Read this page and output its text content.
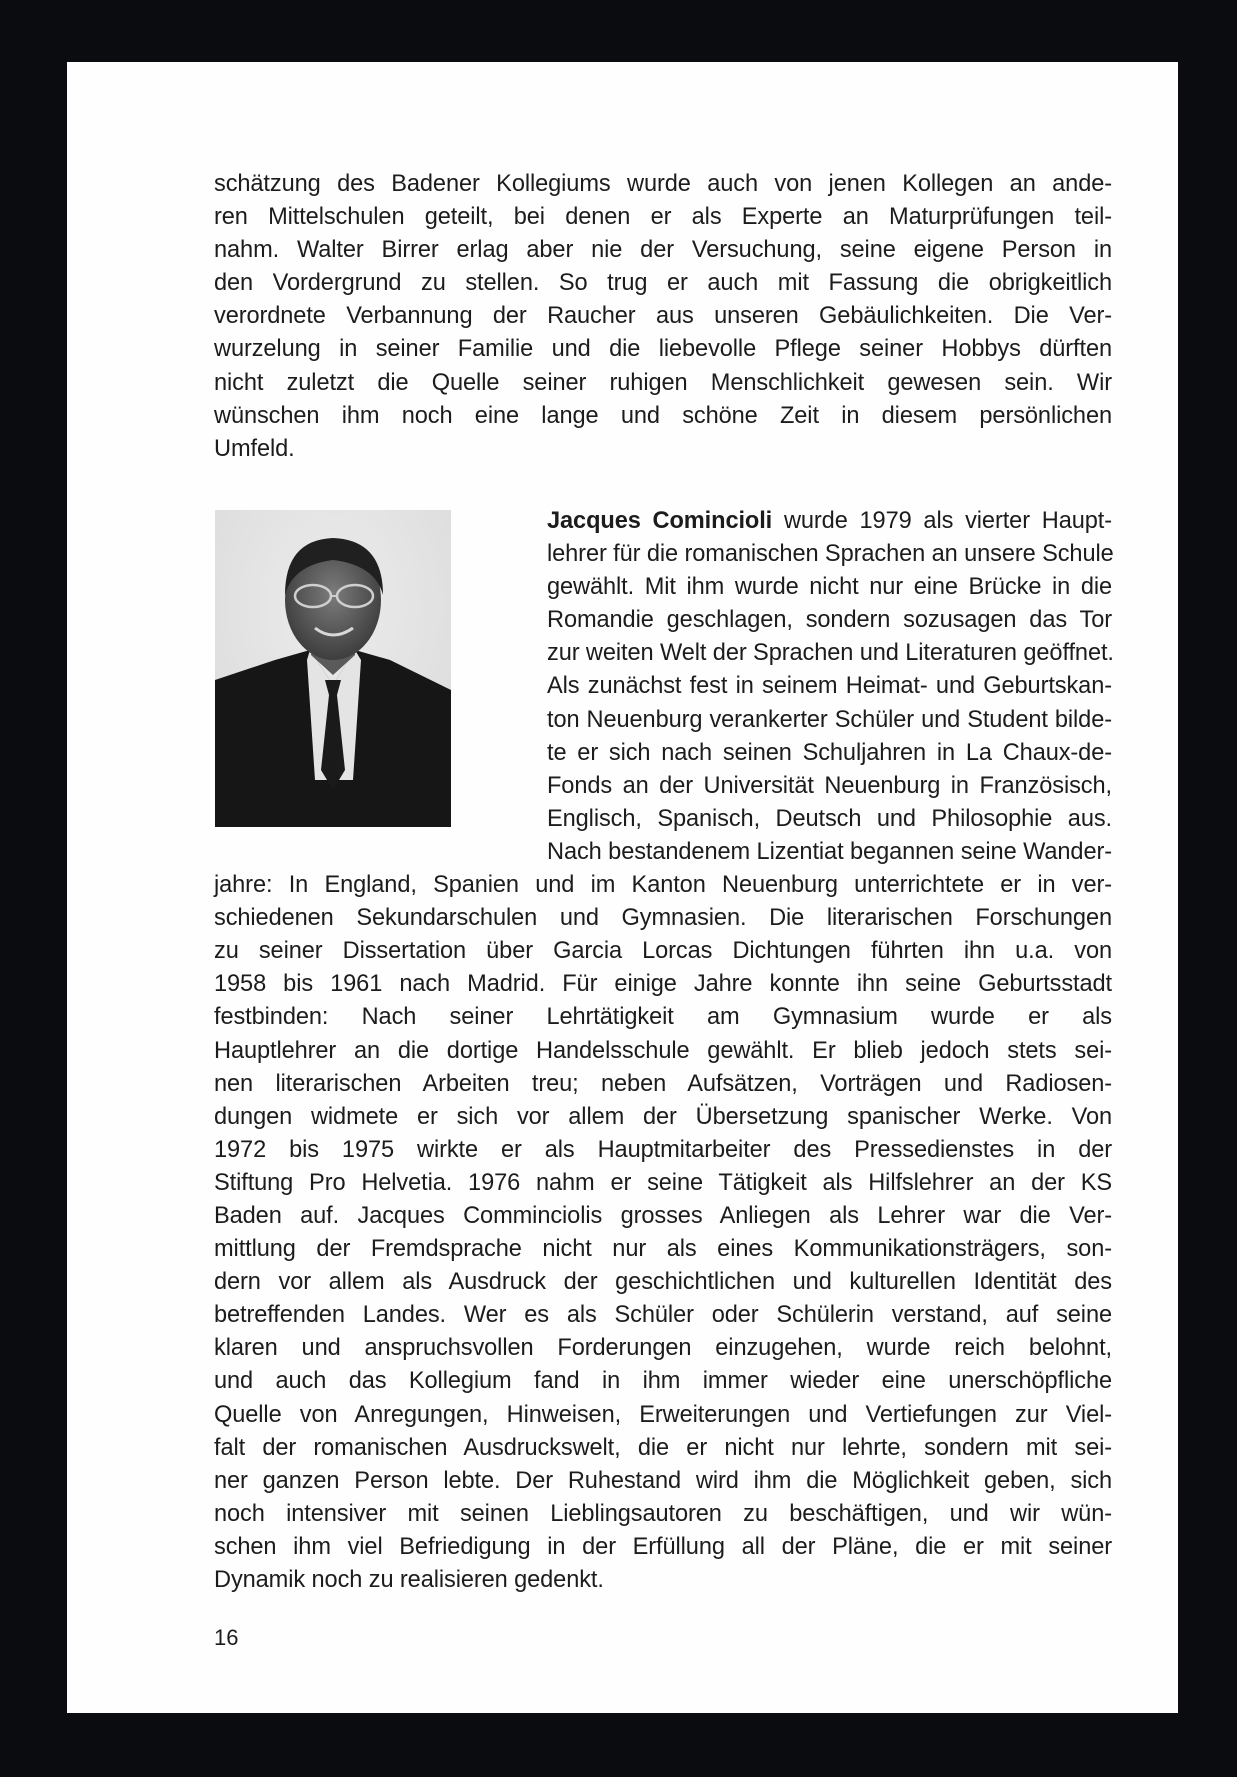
schätzung des Badener Kollegiums wurde auch von jenen Kollegen an ande-
ren Mittelschulen geteilt, bei denen er als Experte an Maturprüfungen teil-
nahm. Walter Birrer erlag aber nie der Versuchung, seine eigene Person in
den Vordergrund zu stellen. So trug er auch mit Fassung die obrigkeitlich
verordnete Verbannung der Raucher aus unseren Gebäulichkeiten. Die Ver-
wurzelung in seiner Familie und die liebevolle Pflege seiner Hobbys dürften
nicht zuletzt die Quelle seiner ruhigen Menschlichkeit gewesen sein. Wir
wünschen ihm noch eine lange und schöne Zeit in diesem persönlichen
Umfeld.
Jacques Comincioli wurde 1979 als vierter Haupt-
lehrer für die romanischen Sprachen an unsere Schule
gewählt. Mit ihm wurde nicht nur eine Brücke in die
Romandie geschlagen, sondern sozusagen das Tor
zur weiten Welt der Sprachen und Literaturen geöffnet.
Als zunächst fest in seinem Heimat- und Geburtskan-
ton Neuenburg verankerter Schüler und Student bilde-
te er sich nach seinen Schuljahren in La Chaux-de-
Fonds an der Universität Neuenburg in Französisch,
Englisch, Spanisch, Deutsch und Philosophie aus.
Nach bestandenem Lizentiat begannen seine Wander-
jahre: In England, Spanien und im Kanton Neuenburg unterrichtete er in ver-
schiedenen Sekundarschulen und Gymnasien. Die literarischen Forschungen
zu seiner Dissertation über Garcia Lorcas Dichtungen führten ihn u.a. von
1958 bis 1961 nach Madrid. Für einige Jahre konnte ihn seine Geburtsstadt
festbinden: Nach seiner Lehrtätigkeit am Gymnasium wurde er als
Hauptlehrer an die dortige Handelsschule gewählt. Er blieb jedoch stets sei-
nen literarischen Arbeiten treu; neben Aufsätzen, Vorträgen und Radiosen-
dungen widmete er sich vor allem der Übersetzung spanischer Werke. Von
1972 bis 1975 wirkte er als Hauptmitarbeiter des Pressedienstes in der
Stiftung Pro Helvetia. 1976 nahm er seine Tätigkeit als Hilfslehrer an der KS
Baden auf. Jacques Comminciolis grosses Anliegen als Lehrer war die Ver-
mittlung der Fremdsprache nicht nur als eines Kommunikationsträgers, son-
dern vor allem als Ausdruck der geschichtlichen und kulturellen Identität des
betreffenden Landes. Wer es als Schüler oder Schülerin verstand, auf seine
klaren und anspruchsvollen Forderungen einzugehen, wurde reich belohnt,
und auch das Kollegium fand in ihm immer wieder eine unerschöpfliche
Quelle von Anregungen, Hinweisen, Erweiterungen und Vertiefungen zur Viel-
falt der romanischen Ausdruckswelt, die er nicht nur lehrte, sondern mit sei-
ner ganzen Person lebte. Der Ruhestand wird ihm die Möglichkeit geben, sich
noch intensiver mit seinen Lieblingsautoren zu beschäftigen, und wir wün-
schen ihm viel Befriedigung in der Erfüllung all der Pläne, die er mit seiner
Dynamik noch zu realisieren gedenkt.
16
